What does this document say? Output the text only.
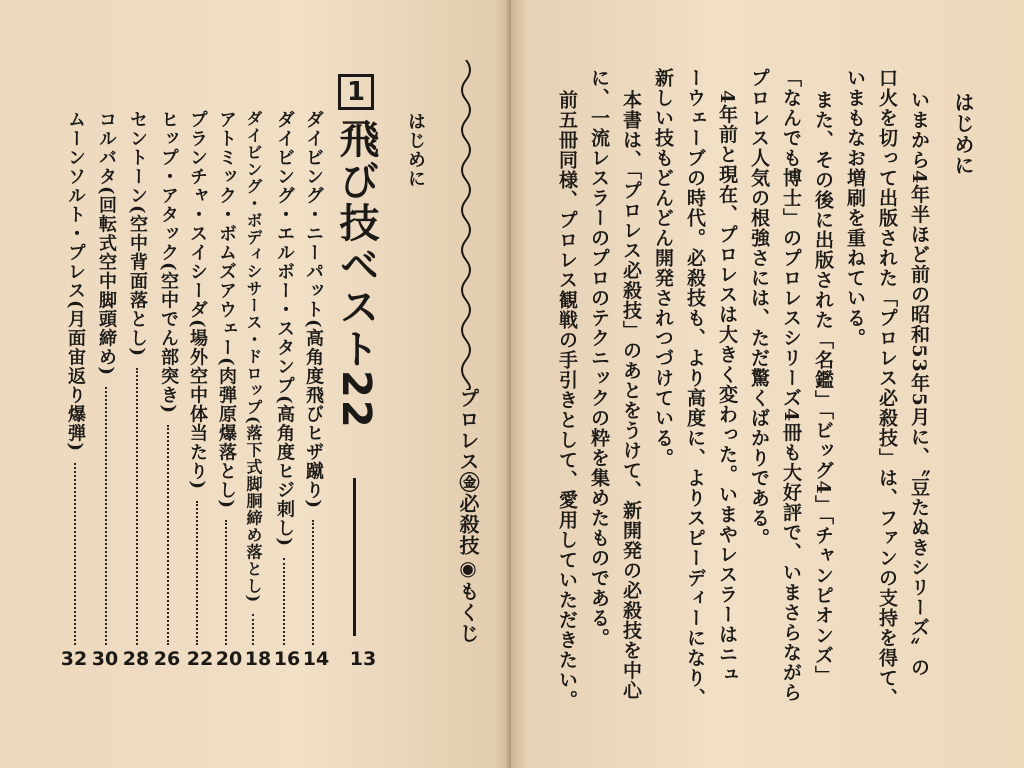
プロレス㊎必殺技◉もくじ
はじめに
1
飛び技ベスト22
13
ダイビング・ニーパット(高角度飛びヒザ蹴り)
14
ダイビング・エルボー・スタンプ(高角度ヒジ刺し)
16
ダイビング・ボディシサース・ドロップ(落下式脚胴締め落とし)
18
アトミック・ボムズアウェー(肉弾原爆落とし)
20
プランチャ・スイシーダ(場外空中体当たり)
22
ヒップ・アタック(空中でん部突き)
26
セントーン(空中背面落とし)
28
コルバタ(回転式空中脚頭締め)
30
ムーンソルト・プレス(月面宙返り爆弾)
32
はじめに
いまから4年半ほど前の昭和53年5月に、〝豆たぬきシリーズ〟の
口火を切って出版された「プロレス必殺技」は、ファンの支持を得て、
いまもなお増刷を重ねている。
また、その後に出版された「名鑑」「ビッグ4」「チャンピオンズ」
「なんでも博士」のプロレスシリーズ4冊も大好評で、いまさらながら
プロレス人気の根強さには、ただ驚くばかりである。
4年前と現在、プロレスは大きく変わった。いまやレスラーはニュ
ーウェーブの時代。必殺技も、より高度に、よりスピーディーになり、
新しい技もどんどん開発されつづけている。
本書は、「プロレス必殺技」のあとをうけて、新開発の必殺技を中心
に、一流レスラーのプロのテクニックの粋を集めたものである。
前五冊同様、プロレス観戦の手引きとして、愛用していただきたい。
